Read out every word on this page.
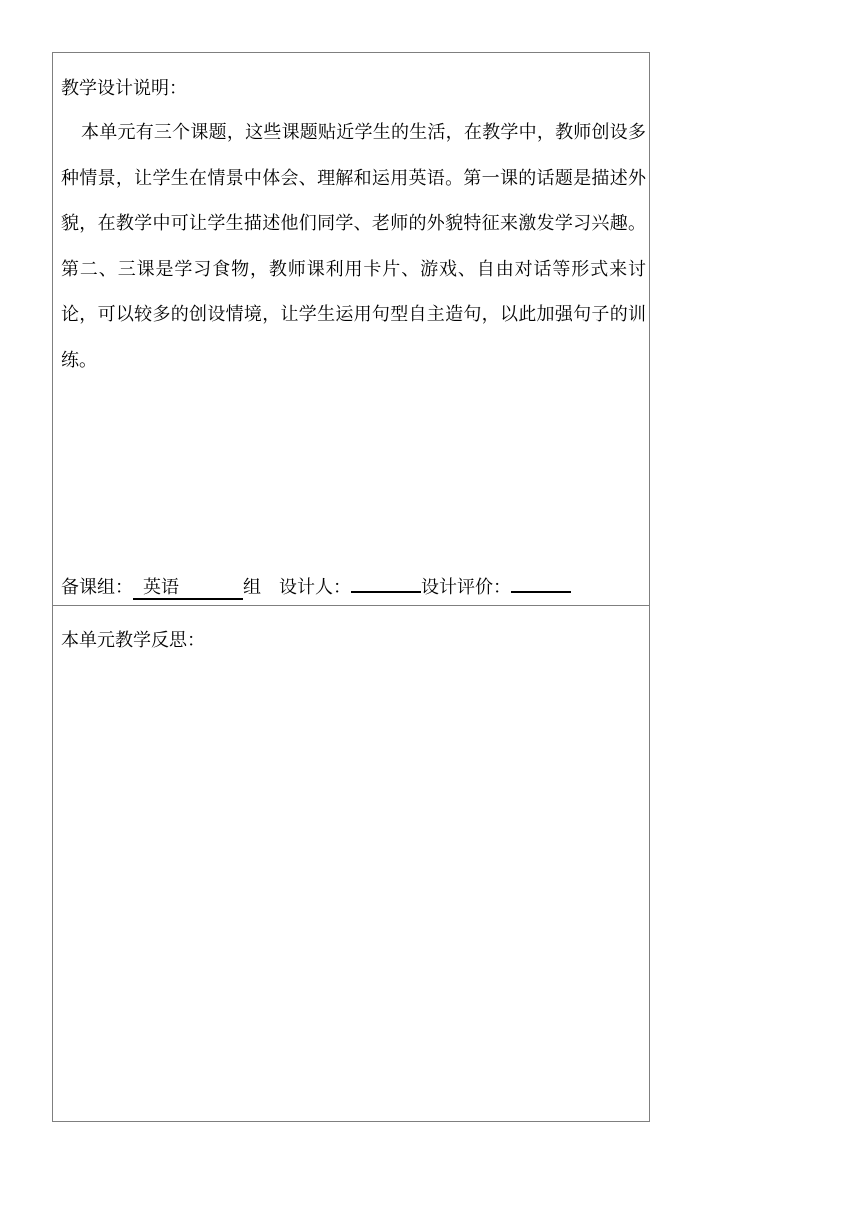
教学设计说明：

本单元有三个课题，这些课题贴近学生的生活，在教学中，教师创设多种情景，让学生在情景中体会、理解和运用英语。第一课的话题是描述外貌，在教学中可让学生描述他们同学、老师的外貌特征来激发学习兴趣。第二、三课是学习食物，教师课利用卡片、游戏、自由对话等形式来讨论，可以较多的创设情境，让学生运用句型自主造句，以此加强句子的训练。

备课组： 英语	组 设计人：	设计评价：
本单元教学反思：
